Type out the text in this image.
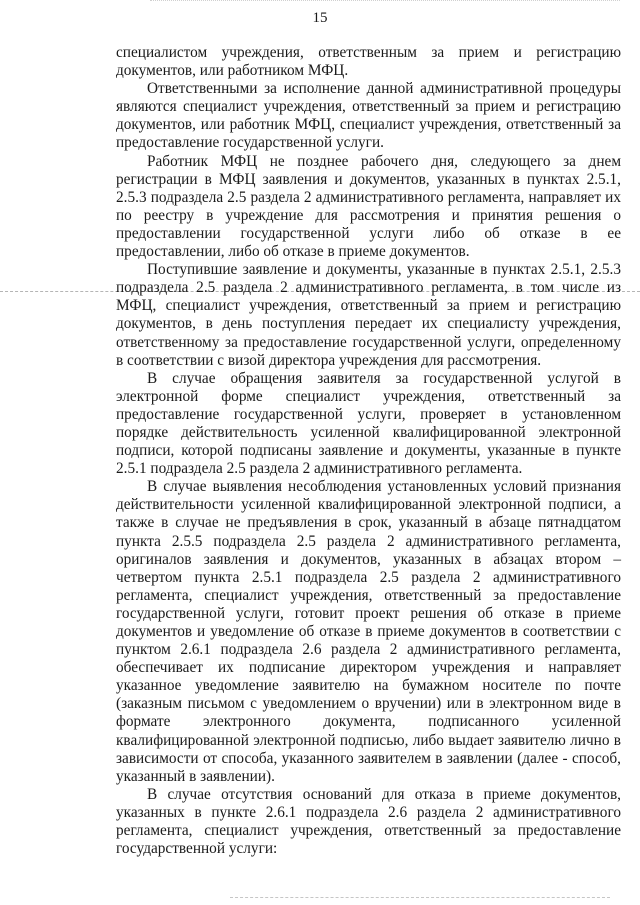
15

специалистом учреждения, ответственным за прием и регистрацию документов, или работником МФЦ.

Ответственными за исполнение данной административной процедуры являются специалист учреждения, ответственный за прием и регистрацию документов, или работник МФЦ, специалист учреждения, ответственный за предоставление государственной услуги.

Работник МФЦ не позднее рабочего дня, следующего за днем регистрации в МФЦ заявления и документов, указанных в пунктах 2.5.1, 2.5.3 подраздела 2.5 раздела 2 административного регламента, направляет их по реестру в учреждение для рассмотрения и принятия решения о предоставлении государственной услуги либо об отказе в ее предоставлении, либо об отказе в приеме документов.

Поступившие заявление и документы, указанные в пунктах 2.5.1, 2.5.3 подраздела 2.5 раздела 2 административного регламента, в том числе из МФЦ, специалист учреждения, ответственный за прием и регистрацию документов, в день поступления передает их специалисту учреждения, ответственному за предоставление государственной услуги, определенному в соответствии с визой директора учреждения для рассмотрения.

В случае обращения заявителя за государственной услугой в электронной форме специалист учреждения, ответственный за предоставление государственной услуги, проверяет в установленном порядке действительность усиленной квалифицированной электронной подписи, которой подписаны заявление и документы, указанные в пункте 2.5.1 подраздела 2.5 раздела 2 административного регламента.

В случае выявления несоблюдения установленных условий признания действительности усиленной квалифицированной электронной подписи, а также в случае не предъявления в срок, указанный в абзаце пятнадцатом пункта 2.5.5 подраздела 2.5 раздела 2 административного регламента, оригиналов заявления и документов, указанных в абзацах втором – четвертом пункта 2.5.1 подраздела 2.5 раздела 2 административного регламента, специалист учреждения, ответственный за предоставление государственной услуги, готовит проект решения об отказе в приеме документов и уведомление об отказе в приеме документов в соответствии с пунктом 2.6.1 подраздела 2.6 раздела 2 административного регламента, обеспечивает их подписание директором учреждения и направляет указанное уведомление заявителю на бумажном носителе по почте (заказным письмом с уведомлением о вручении) или в электронном виде в формате электронного документа, подписанного усиленной квалифицированной электронной подписью, либо выдает заявителю лично в зависимости от способа, указанного заявителем в заявлении (далее - способ, указанный в заявлении).

В случае отсутствия оснований для отказа в приеме документов, указанных в пункте 2.6.1 подраздела 2.6 раздела 2 административного регламента, специалист учреждения, ответственный за предоставление государственной услуги:
